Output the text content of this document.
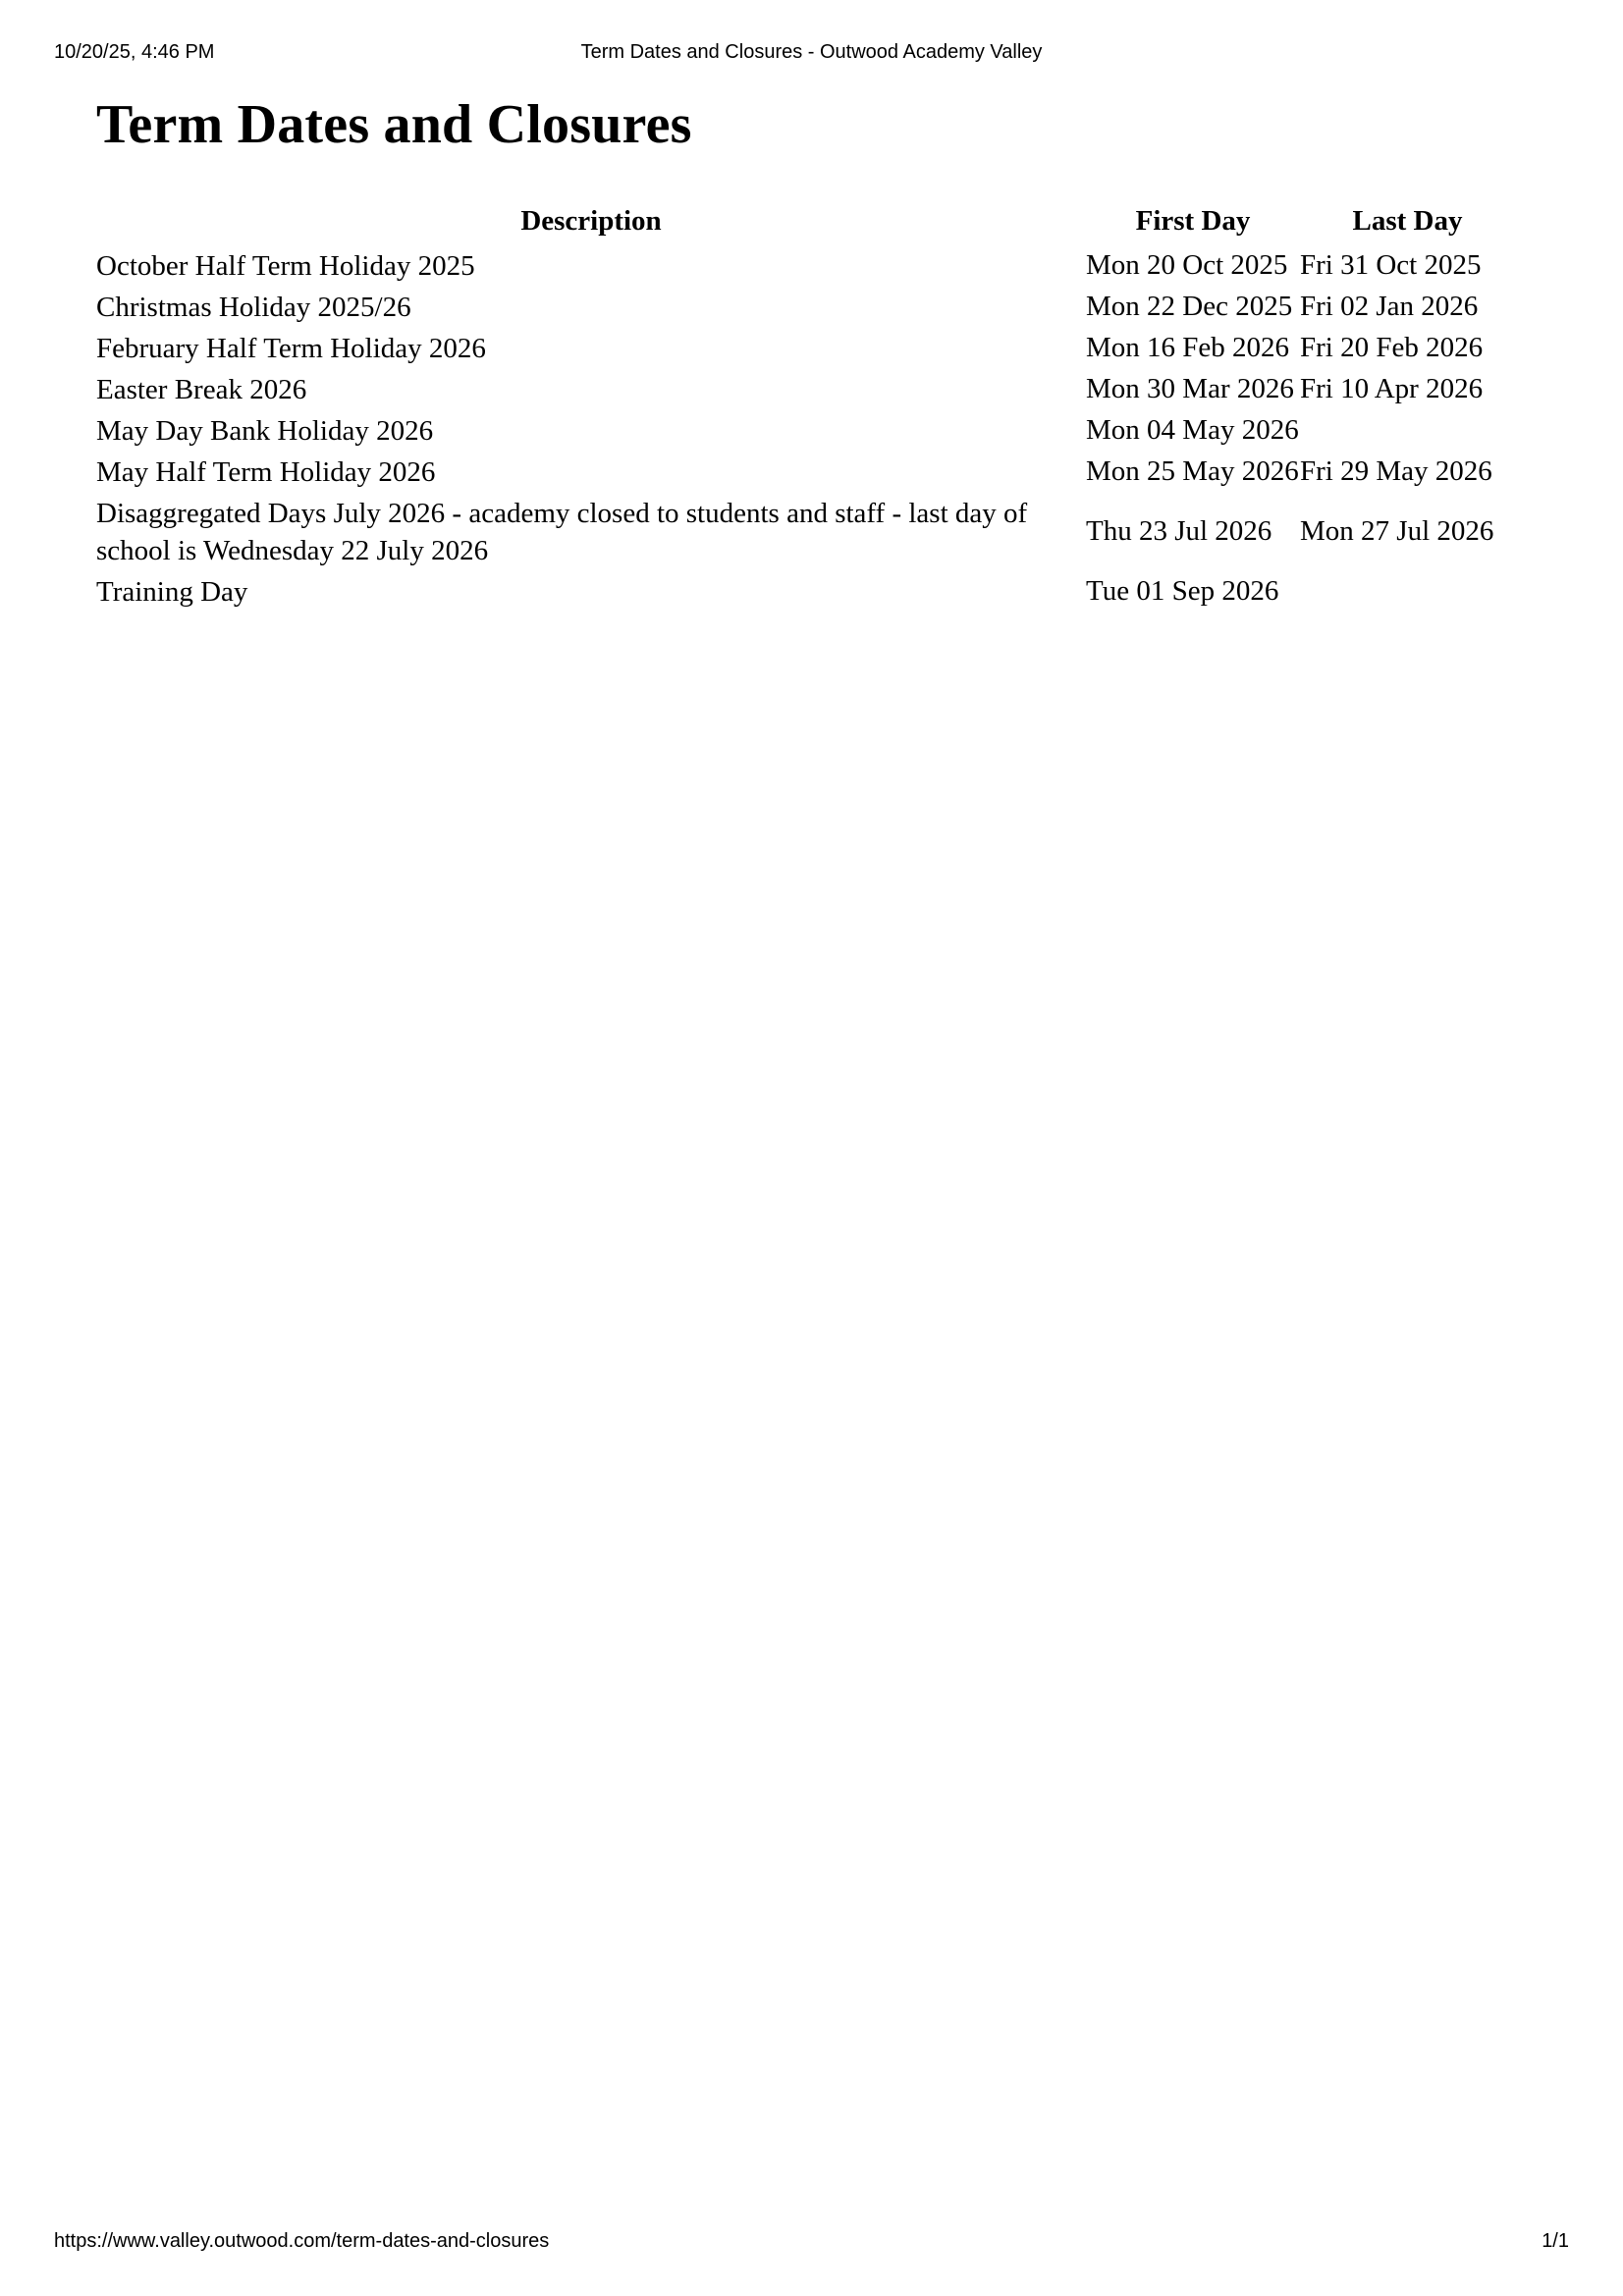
10/20/25, 4:46 PM	Term Dates and Closures - Outwood Academy Valley
Term Dates and Closures
Description	First Day	Last Day
October Half Term Holiday 2025	Mon 20 Oct 2025	Fri 31 Oct 2025
Christmas Holiday 2025/26	Mon 22 Dec 2025	Fri 02 Jan 2026
February Half Term Holiday 2026	Mon 16 Feb 2026	Fri 20 Feb 2026
Easter Break 2026	Mon 30 Mar 2026	Fri 10 Apr 2026
May Day Bank Holiday 2026	Mon 04 May 2026	
May Half Term Holiday 2026	Mon 25 May 2026	Fri 29 May 2026
Disaggregated Days July 2026 - academy closed to students and staff - last day of school is Wednesday 22 July 2026	Thu 23 Jul 2026	Mon 27 Jul 2026
Training Day	Tue 01 Sep 2026	
https://www.valley.outwood.com/term-dates-and-closures	1/1
